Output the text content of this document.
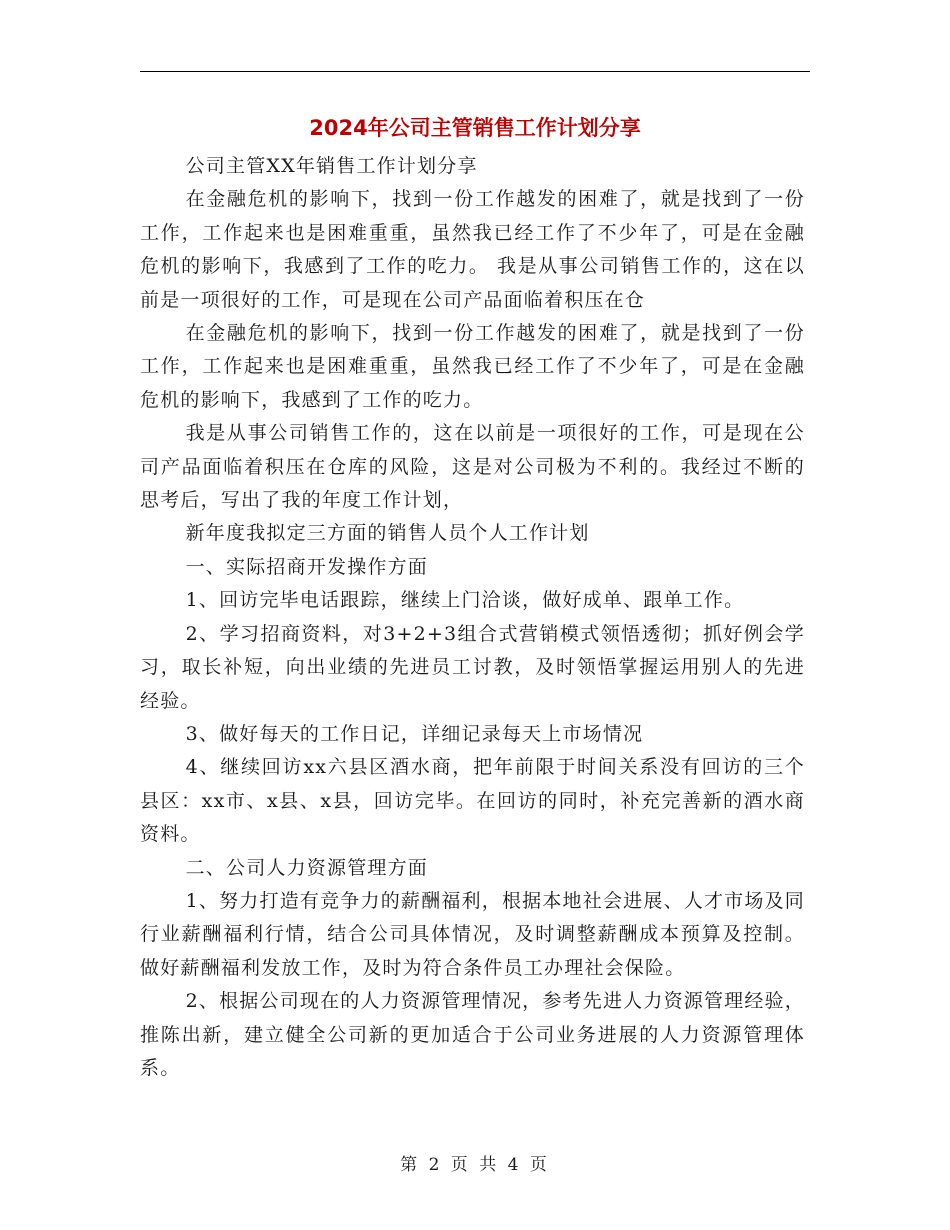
2024年公司主管销售工作计划分享

公司主管XX年销售工作计划分享

在金融危机的影响下，找到一份工作越发的困难了，就是找到了一份工作，工作起来也是困难重重，虽然我已经工作了不少年了，可是在金融危机的影响下，我感到了工作的吃力。 我是从事公司销售工作的，这在以前是一项很好的工作，可是现在公司产品面临着积压在仓

在金融危机的影响下，找到一份工作越发的困难了，就是找到了一份工作，工作起来也是困难重重，虽然我已经工作了不少年了，可是在金融危机的影响下，我感到了工作的吃力。

我是从事公司销售工作的，这在以前是一项很好的工作，可是现在公司产品面临着积压在仓库的风险，这是对公司极为不利的。我经过不断的思考后，写出了我的年度工作计划，

新年度我拟定三方面的销售人员个人工作计划

一、实际招商开发操作方面

1、回访完毕电话跟踪，继续上门洽谈，做好成单、跟单工作。

2、学习招商资料，对3+2+3组合式营销模式领悟透彻；抓好例会学习，取长补短，向出业绩的先进员工讨教，及时领悟掌握运用别人的先进经验。

3、做好每天的工作日记，详细记录每天上市场情况

4、继续回访xx六县区酒水商，把年前限于时间关系没有回访的三个县区：xx市、x县、x县，回访完毕。在回访的同时，补充完善新的酒水商资料。

二、公司人力资源管理方面

1、努力打造有竞争力的薪酬福利，根据本地社会进展、人才市场及同行业薪酬福利行情，结合公司具体情况，及时调整薪酬成本预算及控制。做好薪酬福利发放工作，及时为符合条件员工办理社会保险。

2、根据公司现在的人力资源管理情况，参考先进人力资源管理经验，推陈出新，建立健全公司新的更加适合于公司业务进展的人力资源管理体系。

第 2 页 共 4 页
